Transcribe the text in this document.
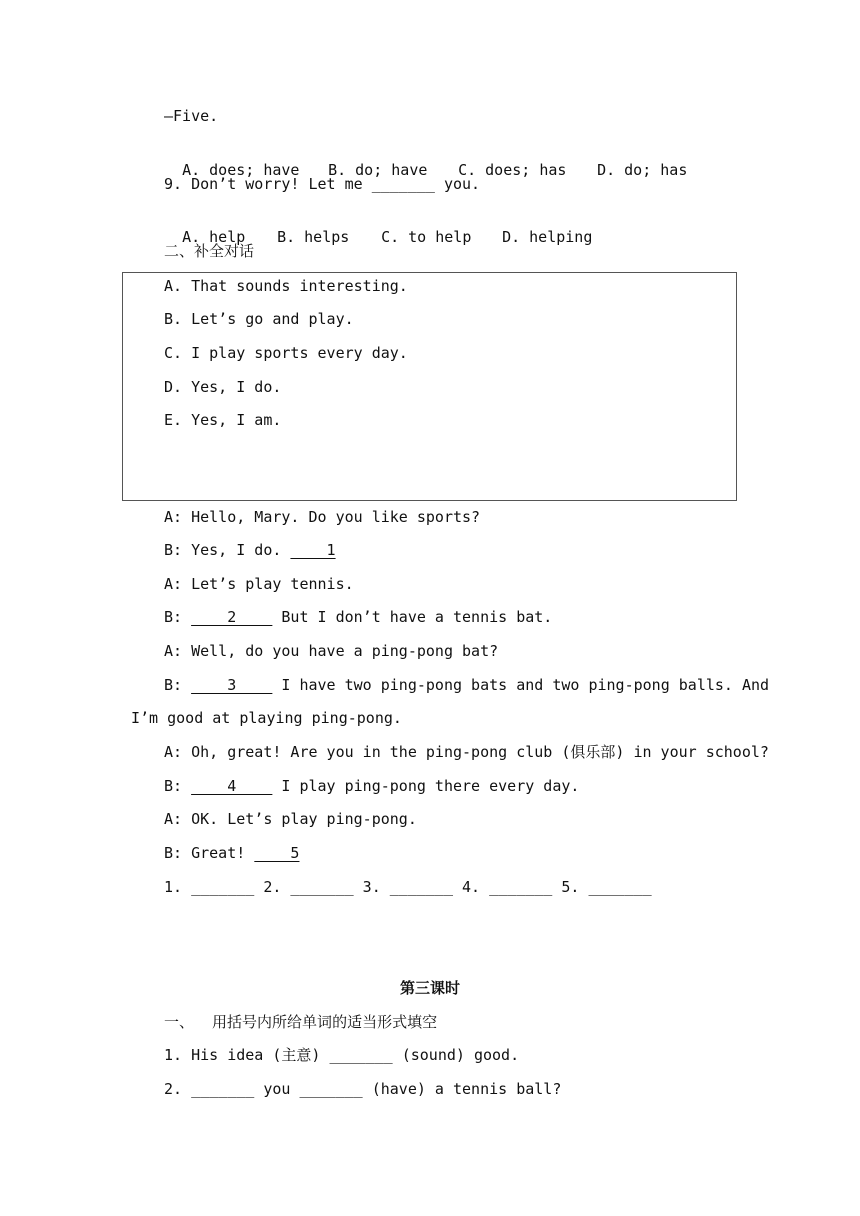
—Five.

A. does; have B. do; have C. does; has D. do; has

9. Don’t worry! Let me _______ you.

A. help B. helps C. to help D. helping

二、补全对话
A. That sounds interesting.
B. Let’s go and play.
C. I play sports every day.
D. Yes, I do.
E. Yes, I am.
A: Hello, Mary. Do you like sports?
B: Yes, I do.     1
A: Let’s play tennis.
B:     2     But I don’t have a tennis bat.
A: Well, do you have a ping-pong bat?
B:     3     I have two ping-pong bats and two ping-pong balls. And
I’m good at playing ping-pong.
A: Oh, great! Are you in the ping-pong club (俱乐部) in your school?
B:     4     I play ping-pong there every day.
A: OK. Let’s play ping-pong.
B: Great!     5
1. _______ 2. _______ 3. _______ 4. _______ 5. _______
第三课时
一、  用括号内所给单词的适当形式填空
1. His idea (主意) _______ (sound) good.
2. _______ you _______ (have) a tennis ball?
